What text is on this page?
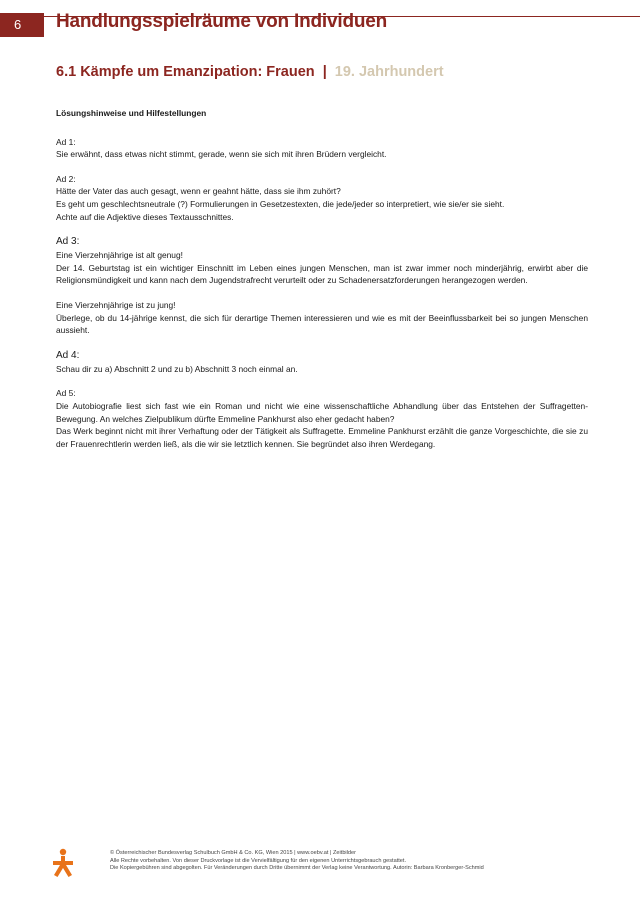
6	Handlungsspielräume von Individuen
6.1 Kämpfe um Emanzipation: Frauen | 19. Jahrhundert

Lösungshinweise und Hilfestellungen

Ad 1:

Sie erwähnt, dass etwas nicht stimmt, gerade, wenn sie sich mit ihren Brüdern vergleicht.

Ad 2:

Hätte der Vater das auch gesagt, wenn er geahnt hätte, dass sie ihm zuhört?

Es geht um geschlechtsneutrale (?) Formulierungen in Gesetzestexten, die jede/jeder so interpretiert, wie sie/er sie sieht.

Achte auf die Adjektive dieses Textausschnittes.

Ad 3:

Eine Vierzehnjährige ist alt genug!

Der 14. Geburtstag ist ein wichtiger Einschnitt im Leben eines jungen Menschen, man ist zwar immer noch minderjährig, erwirbt aber die Religionsmündigkeit und kann nach dem Jugendstrafrecht verurteilt oder zu Schadenersatzforderungen herangezogen werden.

Eine Vierzehnjährige ist zu jung!

Überlege, ob du 14-jährige kennst, die sich für derartige Themen interessieren und wie es mit der Beeinflussbarkeit bei so jungen Menschen aussieht.

Ad 4:

Schau dir zu a) Abschnitt 2 und zu b) Abschnitt 3 noch einmal an.

Ad 5:

Die Autobiografie liest sich fast wie ein Roman und nicht wie eine wissenschaftliche Abhandlung über das Entstehen der Suffragetten-Bewegung. An welches Zielpublikum dürfte Emmeline Pankhurst also eher gedacht haben?

Das Werk beginnt nicht mit ihrer Verhaftung oder der Tätigkeit als Suffragette. Emmeline Pankhurst erzählt die ganze Vorgeschichte, die sie zu der Frauenrechtlerin werden ließ, als die wir sie letztlich kennen. Sie begründet also ihren Werdegang.

© Österreichischer Bundesverlag Schulbuch GmbH & Co. KG, Wien 2015 | www.oebv.at | Zeitbilder
Alle Rechte vorbehalten. Von dieser Druckvorlage ist die Vervielfältigung für den eigenen Unterrichtsgebrauch gestattet.
Die Kopiergebühren sind abgegolten. Für Veränderungen durch Dritte übernimmt der Verlag keine Verantwortung. Autorin: Barbara Kronberger-Schmid
